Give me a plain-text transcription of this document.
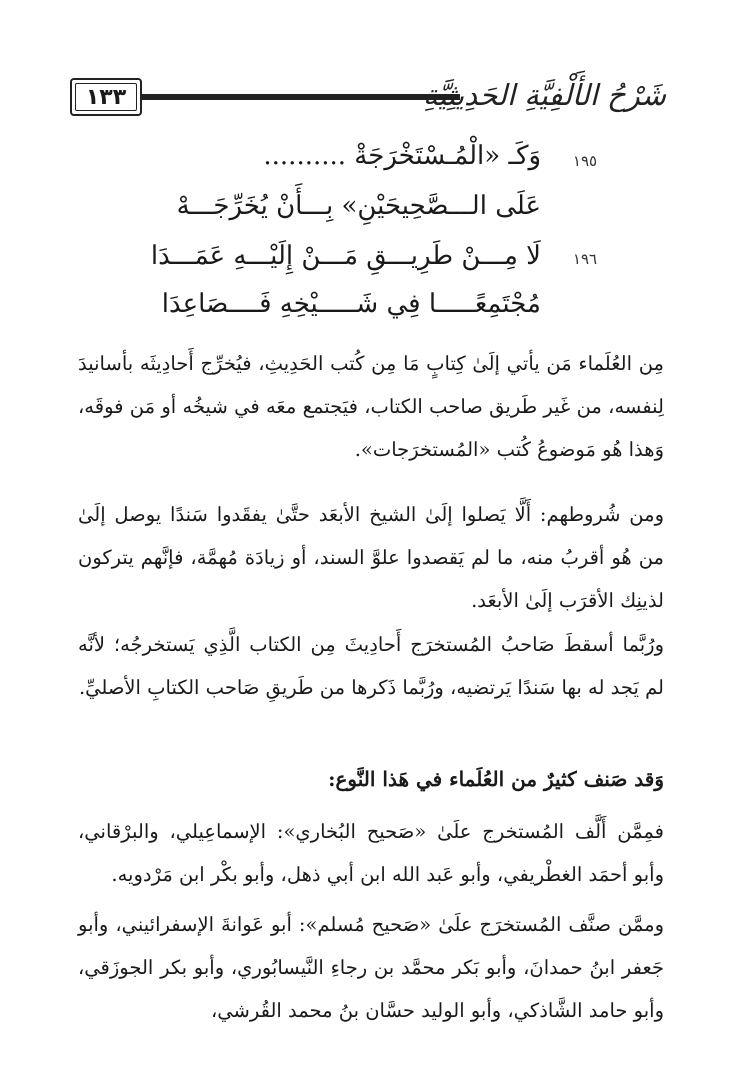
١٣٣	شَرْحُ الأَلْفِيَّةِ الحَدِيثِيَّةِ
١٩٥
وَكَـ «الْمُـسْتَخْرَجَةْ ..........
عَلَى الـــصَّحِيحَيْنِ» بِـــأَنْ يُخَرِّجَـــهْ
١٩٦
لَا مِـــنْ طَرِيـــقِ مَـــنْ إِلَيْـــهِ عَمَـــدَا
مُجْتَمِعًـــــا فِي شَـــــيْخِهِ فَــــصَاعِدَا

مِن العُلَماء مَن يأتي إلَىٰ كِتابٍ مَا مِن كُتب الحَدِيثِ، فيُخرِّج أَحادِيثَه بأسانيدَ لِنفسه، من غَير طَريق صاحب الكتاب، فيَجتمع معَه في شيخُه أو مَن فوقَه، وَهذا هُو مَوضوعُ كُتب «المُستخرَجات».

ومن شُروطهم: أَلَّا يَصلوا إلَىٰ الشيخ الأبعَد حتَّىٰ يفقَدوا سَندًا يوصل إلَىٰ من هُو أقربُ منه، ما لم يَقصدوا علوَّ السند، أو زيادَة مُهمَّة، فإنَّهم يتركون لذينِك الأقرَب إلَىٰ الأبعَد.

ورُبَّما أسقطَ صَاحبُ المُستخرَج أَحادِيثَ مِن الكتاب الَّذِي يَستخرجُه؛ لأنَّه لم يَجد له بها سَندًا يَرتضيه، ورُبَّما ذَكرها من طَريقِ صَاحب الكتابِ الأصليِّ.

وَقد صَنف كثيرٌ من العُلَماء في هَذا النَّوع:

فمِمَّن أَلَّف المُستخرج علَىٰ «صَحيح البُخاري»: الإسماعِيلي، والبرْقاني، وأبو أحمَد الغطْريفي، وأبو عَبد الله ابن أبي ذهل، وأبو بكْر ابن مَرْدويه.

وممَّن صنَّف المُستخرَج علَىٰ «صَحيح مُسلم»: أبو عَوانةَ الإسفرائيني، وأبو جَعفر ابنُ حمدانَ، وأبو بَكر محمَّد بن رجاءِ النَّيسابُوري، وأبو بكر الجوزَقي، وأبو حامد الشَّاذكي، وأبو الوليد حسَّان بنُ محمد القُرشي،
